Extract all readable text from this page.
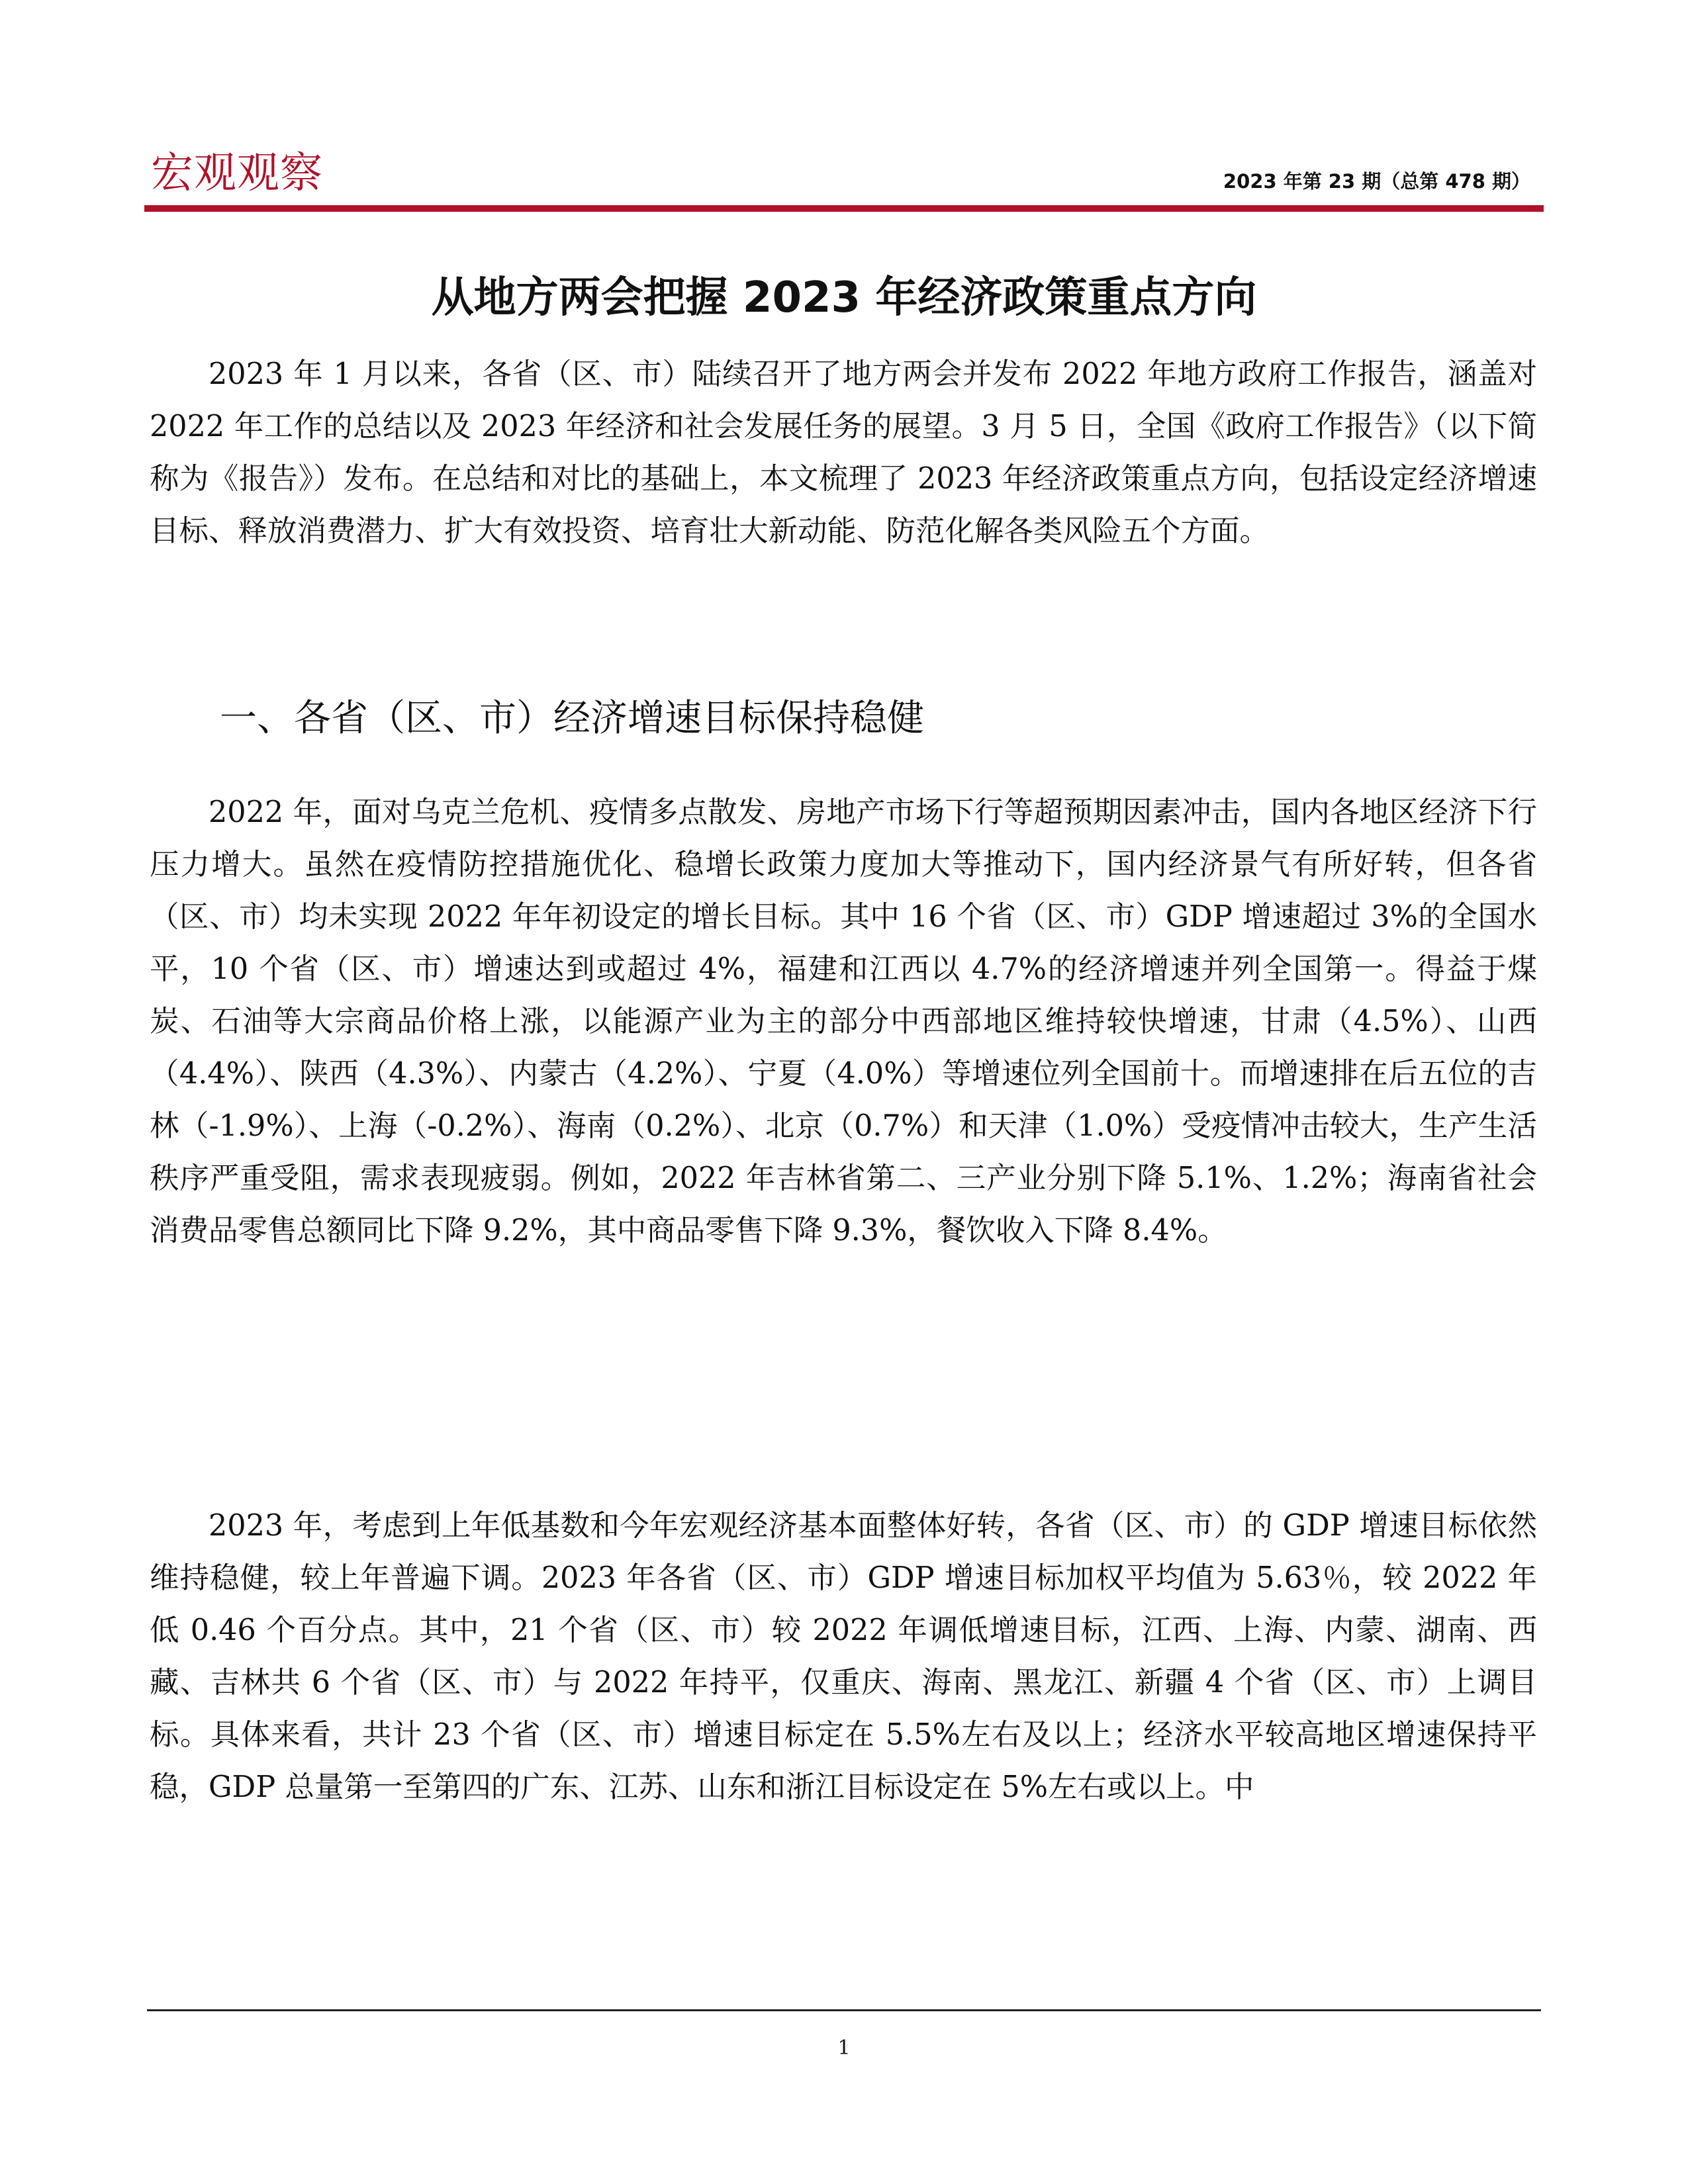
宏观观察	2023 年第 23 期（总第 478 期）
从地方两会把握 2023 年经济政策重点方向

2023 年 1 月以来，各省（区、市）陆续召开了地方两会并发布 2022 年地方政府工作报告，涵盖对 2022 年工作的总结以及 2023 年经济和社会发展任务的展望。3 月 5 日，全国《政府工作报告》（以下简称为《报告》）发布。在总结和对比的基础上，本文梳理了 2023 年经济政策重点方向，包括设定经济增速目标、释放消费潜力、扩大有效投资、培育壮大新动能、防范化解各类风险五个方面。

一、各省（区、市）经济增速目标保持稳健

2022 年，面对乌克兰危机、疫情多点散发、房地产市场下行等超预期因素冲击，国内各地区经济下行压力增大。虽然在疫情防控措施优化、稳增长政策力度加大等推动下，国内经济景气有所好转，但各省（区、市）均未实现 2022 年年初设定的增长目标。其中 16 个省（区、市）GDP 增速超过 3%的全国水平，10 个省（区、市）增速达到或超过 4%，福建和江西以 4.7%的经济增速并列全国第一。得益于煤炭、石油等大宗商品价格上涨，以能源产业为主的部分中西部地区维持较快增速，甘肃（4.5%）、山西（4.4%）、陕西（4.3%）、内蒙古（4.2%）、宁夏（4.0%）等增速位列全国前十。而增速排在后五位的吉林（-1.9%）、上海（-0.2%）、海南（0.2%）、北京（0.7%）和天津（1.0%）受疫情冲击较大，生产生活秩序严重受阻，需求表现疲弱。例如，2022 年吉林省第二、三产业分别下降 5.1%、1.2%；海南省社会消费品零售总额同比下降 9.2%，其中商品零售下降 9.3%，餐饮收入下降 8.4%。

2023 年，考虑到上年低基数和今年宏观经济基本面整体好转，各省（区、市）的 GDP 增速目标依然维持稳健，较上年普遍下调。2023 年各省（区、市）GDP 增速目标加权平均值为 5.63％，较 2022 年低 0.46 个百分点。其中，21 个省（区、市）较 2022 年调低增速目标，江西、上海、内蒙、湖南、西藏、吉林共 6 个省（区、市）与 2022 年持平，仅重庆、海南、黑龙江、新疆 4 个省（区、市）上调目标。具体来看，共计 23 个省（区、市）增速目标定在 5.5%左右及以上；经济水平较高地区增速保持平稳，GDP 总量第一至第四的广东、江苏、山东和浙江目标设定在 5%左右或以上。中

1
